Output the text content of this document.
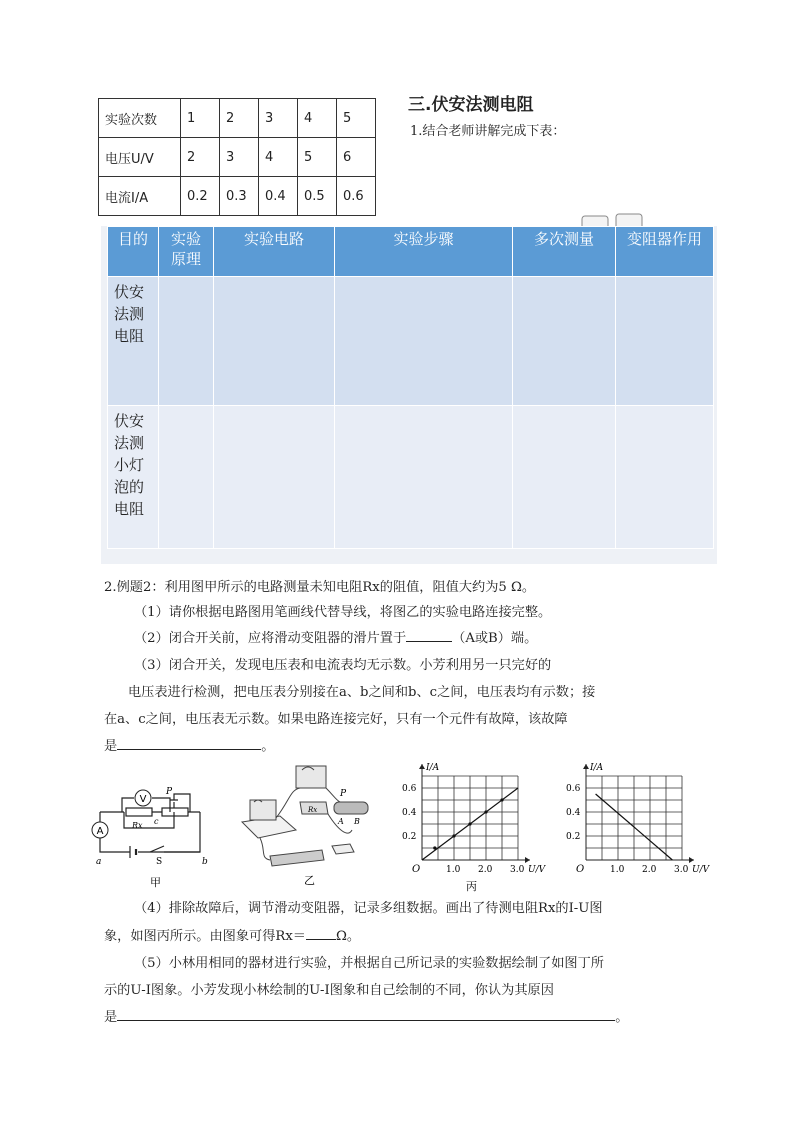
实验次数	1	2	3	4	5
电压U/V	2	3	4	5	6
电流I/A	0.2	0.3	0.4	0.5	0.6
三.伏安法测电阻
1.结合老师讲解完成下表：
目的	实验原理	实验电路	实验步骤	多次测量	变阻器作用

伏安法测电阻					

伏安法测小灯泡的电阻					

2.例题2：利用图甲所示的电路测量未知电阻Rx的阻值，阻值大约为5 Ω。
（1）请你根据电路图用笔画线代替导线，将图乙的实验电路连接完整。
（2）闭合开关前，应将滑动变阻器的滑片置于	（A或B）端。
（3）闭合开关，发现电压表和电流表均无示数。小芳利用另一只完好的
电压表进行检测，把电压表分别接在a、b之间和b、c之间，电压表均有示数；接
在a、c之间，电压表无示数。如果电路连接完好，只有一个元件有故障，该故障
是	。
V
A
Rx
P
c
a	b
S
甲
P
A B
Rx
乙
O	1.0 2.0 3.0
0.2
0.4
0.6
I/A
U/V
丙
O	1.0 2.0 3.0
0.2
0.4
0.6
I/A
U/V
（4）排除故障后，调节滑动变阻器，记录多组数据。画出了待测电阻Rx的I-U图
象，如图丙所示。由图象可得Rx＝ Ω。
（5）小林用相同的器材进行实验，并根据自己所记录的实验数据绘制了如图丁所
示的U-I图象。小芳发现小林绘制的U-I图象和自己绘制的不同，你认为其原因
是	。
